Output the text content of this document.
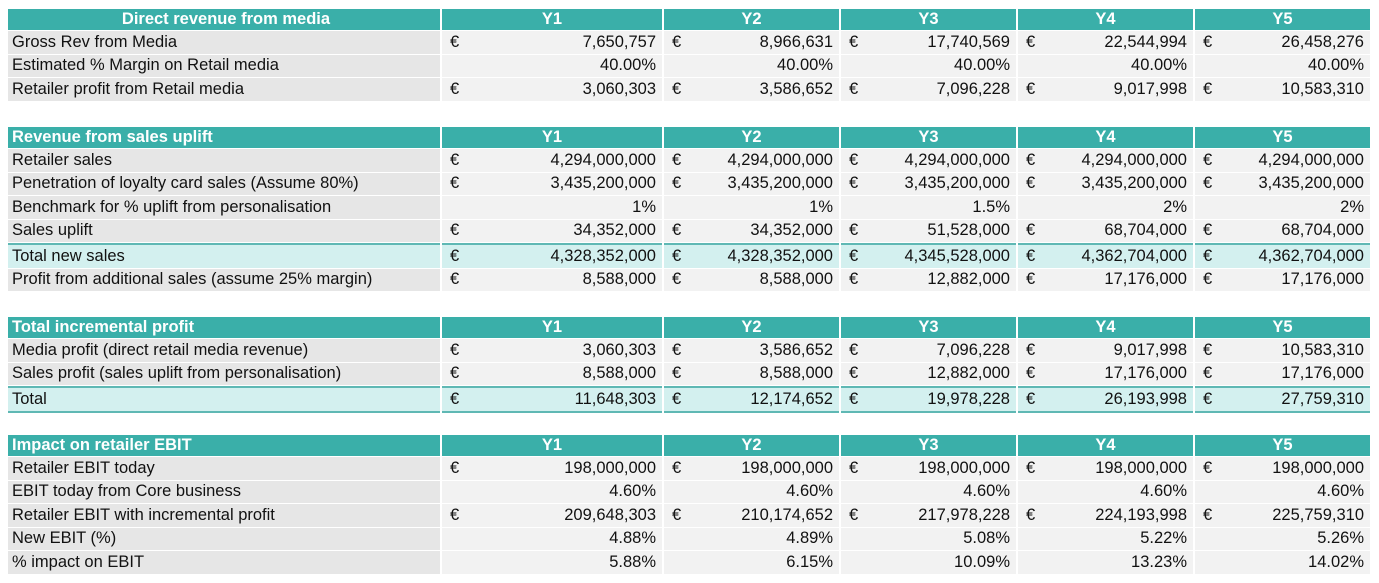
Direct revenue from media	Y1	Y2	Y3	Y4	Y5
Gross Rev from Media	€ 7,650,757	€ 8,966,631	€ 17,740,569	€ 22,544,994	€ 26,458,276

Estimated % Margin on Retail media	40.00%	40.00%	40.00%	40.00%	40.00%

Retailer profit from Retail media	€ 3,060,303	€ 3,586,652	€ 7,096,228	€ 9,017,998	€ 10,583,310
Revenue from sales uplift	Y1	Y2	Y3	Y4	Y5
Retailer sales	€ 4,294,000,000	€ 4,294,000,000	€ 4,294,000,000	€ 4,294,000,000	€ 4,294,000,000

Penetration of loyalty card sales (Assume 80%)	€ 3,435,200,000	€ 3,435,200,000	€ 3,435,200,000	€ 3,435,200,000	€ 3,435,200,000

Benchmark for % uplift from personalisation	1%	1%	1.5%	2%	2%

Sales uplift	€ 34,352,000	€ 34,352,000	€ 51,528,000	€ 68,704,000	€ 68,704,000

Total new sales	€ 4,328,352,000	€ 4,328,352,000	€ 4,345,528,000	€ 4,362,704,000	€ 4,362,704,000

Profit from additional sales (assume 25% margin)	€ 8,588,000	€ 8,588,000	€ 12,882,000	€ 17,176,000	€ 17,176,000
Total incremental profit	Y1	Y2	Y3	Y4	Y5
Media profit (direct retail media revenue)	€ 3,060,303	€ 3,586,652	€ 7,096,228	€ 9,017,998	€ 10,583,310

Sales profit (sales uplift from personalisation)	€ 8,588,000	€ 8,588,000	€ 12,882,000	€ 17,176,000	€ 17,176,000

Total	€ 11,648,303	€ 12,174,652	€ 19,978,228	€ 26,193,998	€ 27,759,310
Impact on retailer EBIT	Y1	Y2	Y3	Y4	Y5
Retailer EBIT today	€ 198,000,000	€ 198,000,000	€ 198,000,000	€ 198,000,000	€ 198,000,000

EBIT today from Core business	4.60%	4.60%	4.60%	4.60%	4.60%

Retailer EBIT with incremental profit	€ 209,648,303	€ 210,174,652	€ 217,978,228	€ 224,193,998	€ 225,759,310

New EBIT (%)	4.88%	4.89%	5.08%	5.22%	5.26%

% impact on EBIT	5.88%	6.15%	10.09%	13.23%	14.02%
